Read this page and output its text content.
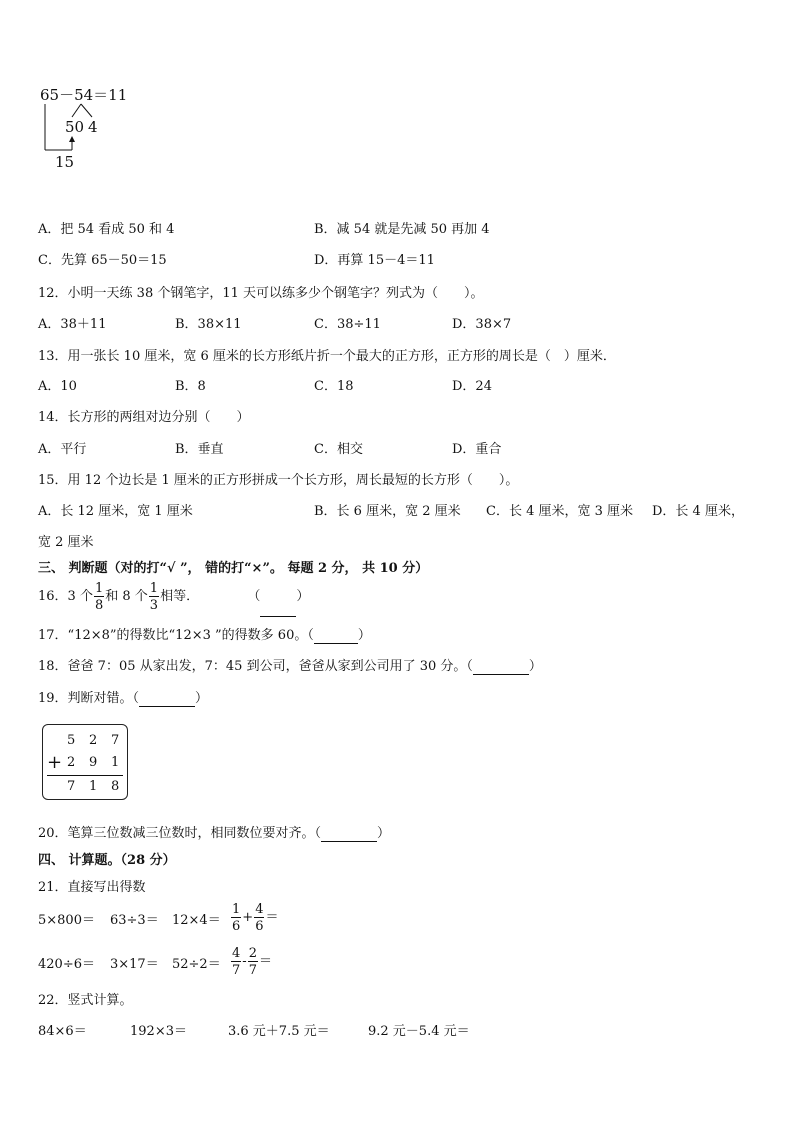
65－54＝11
50 4
15
A．把 54 看成 50 和 4	B．减 54 就是先减 50 再加 4
C．先算 65－50＝15	D．再算 15－4＝11
12．小明一天练 38 个钢笔字，11 天可以练多少个钢笔字？列式为（　　）。
A．38＋11	B．38×11	C．38÷11	D．38×7
13．用一张长 10 厘米，宽 6 厘米的长方形纸片折一个最大的正方形，正方形的周长是（　）厘米．
A．10	B．8	C．18	D．24
14．长方形的两组对边分别（　　）
A．平行	B．垂直	C．相交	D．重合
15．用 12 个边长是 1 厘米的正方形拼成一个长方形，周长最短的长方形（　　）。
A．长 12 厘米，宽 1 厘米	B．长 6 厘米，宽 2 厘米 C．长 4 厘米，宽 3 厘米 D．长 4 厘米，
宽 2 厘米
三、 判断题（对的打“√ ”， 错的打“×”。 每题 2 分， 共 10 分）
16．3 个 $\frac{1}{8}$ 和 8 个 $\frac{1}{3}$ 相等．	（	）
17．“12×8”的得数比“12×3 ”的得数多 60。（	）
18．爸爸 7：05 从家出发，7：45 到公司，爸爸从家到公司用了 30 分。（	）
19．判断对错。（	）
5 2 7
+ 2 9 1
7 1 8
20．笔算三位数减三位数时，相同数位要对齐。（	）
四、 计算题。（28 分）
21．直接写出得数
$5\times 800= 63\div 3= 12\times 4= \frac{1}{6} + \frac{4}{6}$ ＝
$420\div 6= 3\times 17= 52\div 2= \frac{4}{7} - \frac{2}{7}$ ＝
22．竖式计算。
84×6＝	192×3＝	3.6 元＋7.5 元＝	9.2 元－5.4 元＝
